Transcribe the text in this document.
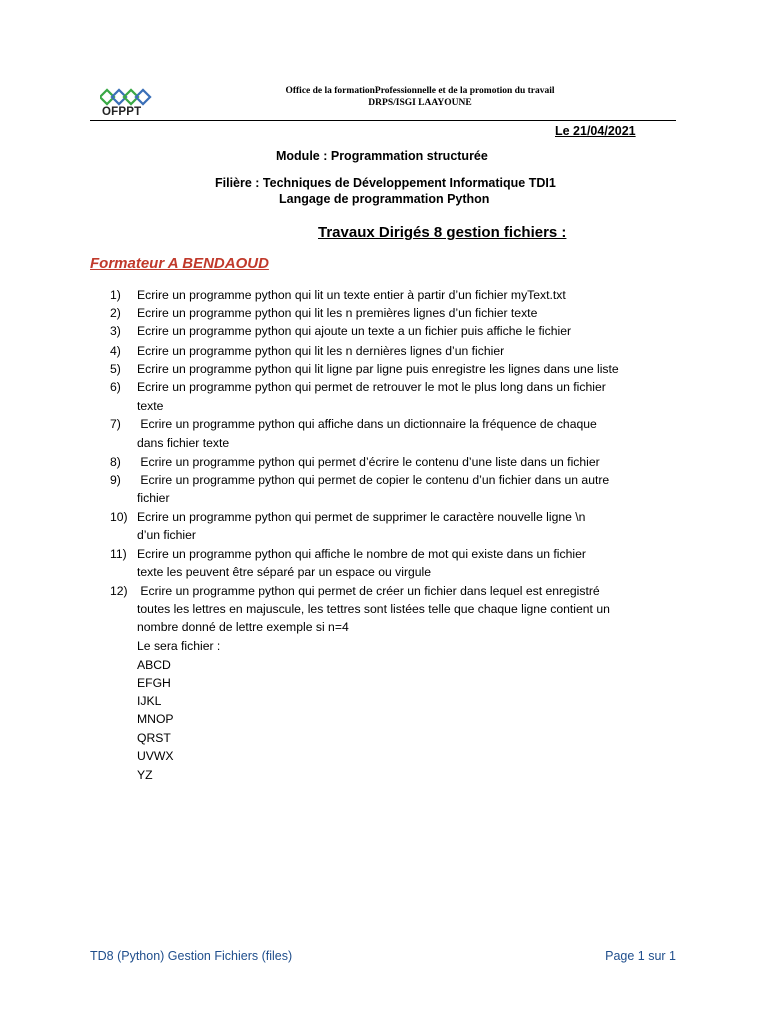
OFPPT
Office de la formationProfessionnelle et de la promotion du travail
DRPS/ISGI LAAYOUNE
Le 21/04/2021
Module : Programmation structurée
Filière : Techniques de Développement Informatique TDI1
Langage de programmation Python
Travaux Dirigés 8 gestion fichiers :
Formateur A BENDAOUD
1) Ecrire un programme python qui lit un texte entier à partir d’un fichier myText.txt
2) Ecrire un programme python qui lit les n premières lignes d’un fichier texte
3) Ecrire un programme python qui ajoute un texte a un fichier puis affiche le fichier
4) Ecrire un programme python qui lit les n dernières lignes d’un fichier
5) Ecrire un programme python qui lit ligne par ligne puis enregistre les lignes dans une liste
6) Ecrire un programme python qui permet de retrouver le mot le plus long dans un fichier
texte
7) Ecrire un programme python qui affiche dans un dictionnaire la fréquence de chaque
dans fichier texte
8) Ecrire un programme python qui permet d’écrire le contenu d’une liste dans un fichier
9) Ecrire un programme python qui permet de copier le contenu d’un fichier dans un autre
fichier
10) Ecrire un programme python qui permet de supprimer le caractère nouvelle ligne \n
d’un fichier
11) Ecrire un programme python qui affiche le nombre de mot qui existe dans un fichier
texte les peuvent être séparé par un espace ou virgule
12) Ecrire un programme python qui permet de créer un fichier dans lequel est enregistré
toutes les lettres en majuscule, les tettres sont listées telle que chaque ligne contient un
nombre donné de lettre exemple si n=4
Le sera fichier :
ABCD
EFGH
IJKL
MNOP
QRST
UVWX
YZ
TD8 (Python) Gestion Fichiers (files)	Page 1 sur 1
